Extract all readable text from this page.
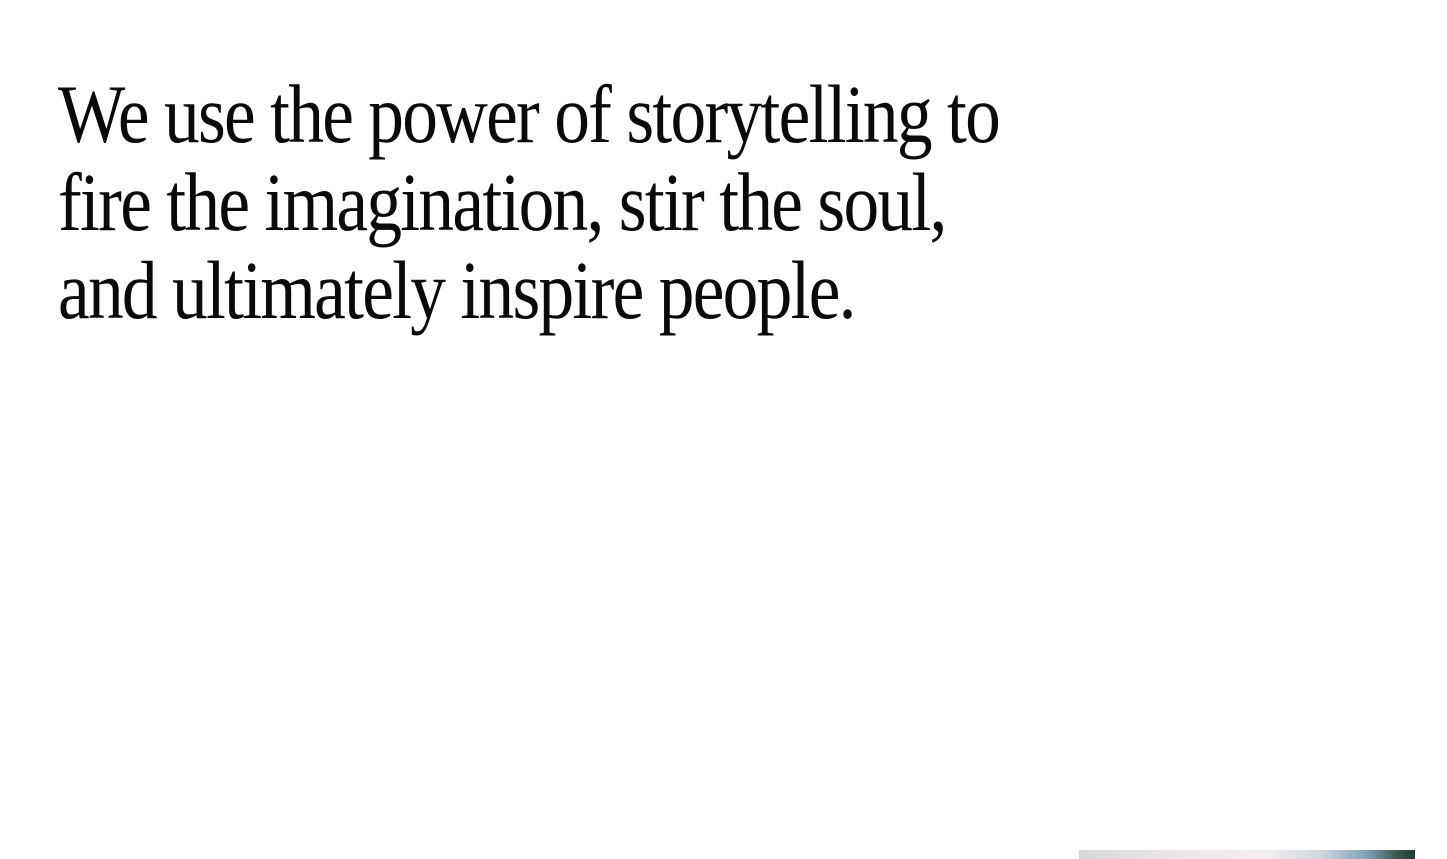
We use the power of storytelling to
fire the imagination, stir the soul,
and ultimately inspire people.
